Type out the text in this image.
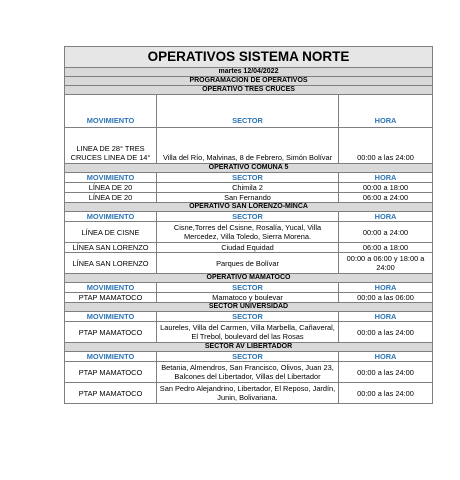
OPERATIVOS SISTEMA NORTE		
martes 12/04/2022		
PROGRAMACIÓN DE OPERATIVOS		
OPERATIVO TRES CRUCES		
MOVIMIENTO	SECTOR	HORA
LINEA DE 28° TRES CRUCES LINEA DE 14°	Villa del Río, Malvinas, 8 de Febrero, Simón Bolívar	00:00 a las 24:00
OPERATIVO COMUNA 5		
MOVIMIENTO	SECTOR	HORA
LÍNEA DE 20	Chimila 2	00:00 a 18:00
LÍNEA DE 20	San Fernando	06:00 a 24:00
OPERATIVO SAN LORENZO-MINCA		
MOVIMIENTO	SECTOR	HORA
LÍNEA DE CISNE	Cisne,Torres del Csisne, Rosalía, Yucal, Villa Mercedez, Villa Toledo, Sierra Morena.	00:00 a 24:00
LÍNEA SAN LORENZO	Ciudad Equidad	06:00 a 18:00
LÍNEA SAN LORENZO	Parques de Bolívar	00:00 a 06:00 y 18:00 a 24:00
OPERATIVO MAMATOCO		
MOVIMIENTO	SECTOR	HORA
PTAP MAMATOCO	Mamatoco y boulevar	00:00 a las 06:00
SECTOR UNIVERSIDAD		
MOVIMIENTO	SECTOR	HORA
PTAP MAMATOCO	Laureles, Villa del Carmen, Villa Marbella, Cañaveral, El Trebol, boulevard del las Rosas	00:00 a las 24:00
SECTOR AV LIBERTADOR		
MOVIMIENTO	SECTOR	HORA
PTAP MAMATOCO	Betania, Almendros, San Francisco, Olivos, Juan 23, Balcones del Libertador, Villas del Libertador	00:00 a las 24:00
PTAP MAMATOCO	San Pedro Alejandrino, Libertador, El Reposo, Jardín, Junin, Bolivariana.	00:00 a las 24:00
